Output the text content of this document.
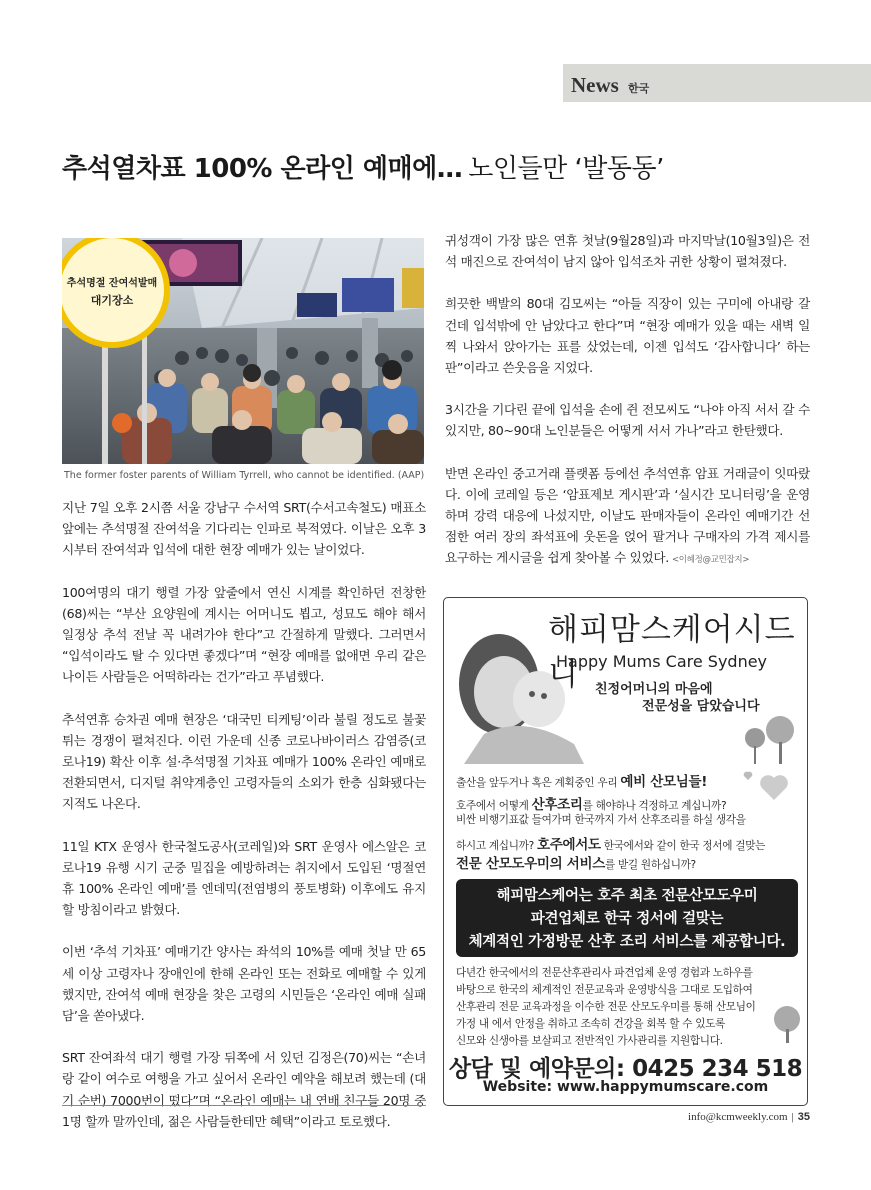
News 한국
추석열차표 100% 온라인 예매에… 노인들만 ‘발동동’
추석명절 잔여석발매
대기장소
The former foster parents of William Tyrrell, who cannot be identified. (AAP)

지난 7일 오후 2시쯤 서울 강남구 수서역 SRT(수서고속철도) 매표소 앞에는 추석명절 잔여석을 기다리는 인파로 북적였다. 이날은 오후 3시부터 잔여석과 입석에 대한 현장 예매가 있는 날이었다.

100여명의 대기 행렬 가장 앞줄에서 연신 시계를 확인하던 전창한(68)씨는 “부산 요양원에 계시는 어머니도 뵙고, 성묘도 해야 해서 일정상 추석 전날 꼭 내려가야 한다”고 간절하게 말했다. 그러면서 “입석이라도 탈 수 있다면 좋겠다”며 “현장 예매를 없애면 우리 같은 나이든 사람들은 어떡하라는 건가”라고 푸념했다.

추석연휴 승차권 예매 현장은 ‘대국민 티케팅’이라 불릴 정도로 불꽃 튀는 경쟁이 펼쳐진다. 이런 가운데 신종 코로나바이러스 감염증(코로나19) 확산 이후 설·추석명절 기차표 예매가 100% 온라인 예매로 전환되면서, 디지털 취약계층인 고령자들의 소외가 한층 심화됐다는 지적도 나온다.

11일 KTX 운영사 한국철도공사(코레일)와 SRT 운영사 에스알은 코로나19 유행 시기 군중 밀집을 예방하려는 취지에서 도입된 ‘명절연휴 100% 온라인 예매’를 엔데믹(전염병의 풍토병화) 이후에도 유지할 방침이라고 밝혔다.

이번 ‘추석 기차표’ 예매기간 양사는 좌석의 10%를 예매 첫날 만 65세 이상 고령자나 장애인에 한해 온라인 또는 전화로 예매할 수 있게 했지만, 잔여석 예매 현장을 찾은 고령의 시민들은 ‘온라인 예매 실패담’을 쏟아냈다.

SRT 잔여좌석 대기 행렬 가장 뒤쪽에 서 있던 김정은(70)씨는 “손녀랑 같이 여수로 여행을 가고 싶어서 온라인 예약을 해보려 했는데 (대기 순번) 7000번이 떴다”며 “온라인 예매는 내 연배 친구들 20명 중 1명 할까 말까인데, 젊은 사람들한테만 혜택”이라고 토로했다.

귀성객이 가장 많은 연휴 첫날(9월28일)과 마지막날(10월3일)은 전석 매진으로 잔여석이 남지 않아 입석조차 귀한 상황이 펼쳐졌다.

희끗한 백발의 80대 김모씨는 “아들 직장이 있는 구미에 아내랑 갈 건데 입석밖에 안 남았다고 한다”며 “현장 예매가 있을 때는 새벽 일찍 나와서 앉아가는 표를 샀었는데, 이젠 입석도 ‘감사합니다’ 하는 판”이라고 쓴웃음을 지었다.

3시간을 기다린 끝에 입석을 손에 쥔 전모씨도 “나야 아직 서서 갈 수 있지만, 80~90대 노인분들은 어떻게 서서 가나”라고 한탄했다.

반면 온라인 중고거래 플랫폼 등에선 추석연휴 암표 거래글이 잇따랐다. 이에 코레일 등은 ‘암표제보 게시판’과 ‘실시간 모니터링’을 운영하며 강력 대응에 나섰지만, 이날도 판매자들이 온라인 예매기간 선점한 여러 장의 좌석표에 웃돈을 얹어 팔거나 구매자의 가격 제시를 요구하는 게시글을 쉽게 찾아볼 수 있었다. <이혜정@교민잡지>

해피맘스케어시드니
Happy Mums Care Sydney
친정어머니의 마음에
전문성을 담았습니다
출산을 앞두거나 혹은 계획중인 우리 예비 산모님들!
호주에서 어떻게 산후조리를 해야하나 걱정하고 계십니까?
비싼 비행기표값 들여가며 한국까지 가서 산후조리를 하실 생각을
하시고 계십니까? 호주에서도 한국에서와 같이 한국 정서에 걸맞는
전문 산모도우미의 서비스를 받길 원하십니까?
해피맘스케어는 호주 최초 전문산모도우미
파견업체로 한국 정서에 걸맞는
체계적인 가정방문 산후 조리 서비스를 제공합니다.
다년간 한국에서의 전문산후관리사 파견업체 운영 경험과 노하우를
바탕으로 한국의 체계적인 전문교육과 운영방식을 그대로 도입하여
산후관리 전문 교육과정을 이수한 전문 산모도우미를 통해 산모님이
가정 내 에서 안정을 취하고 조속히 건강을 회복 할 수 있도록
신모와 신생아를 보살피고 전반적인 가사관리를 지원합니다.
상담 및 예약문의: 0425 234 518
Website: www.happymumscare.com
info@kcmweekly.com | 35
